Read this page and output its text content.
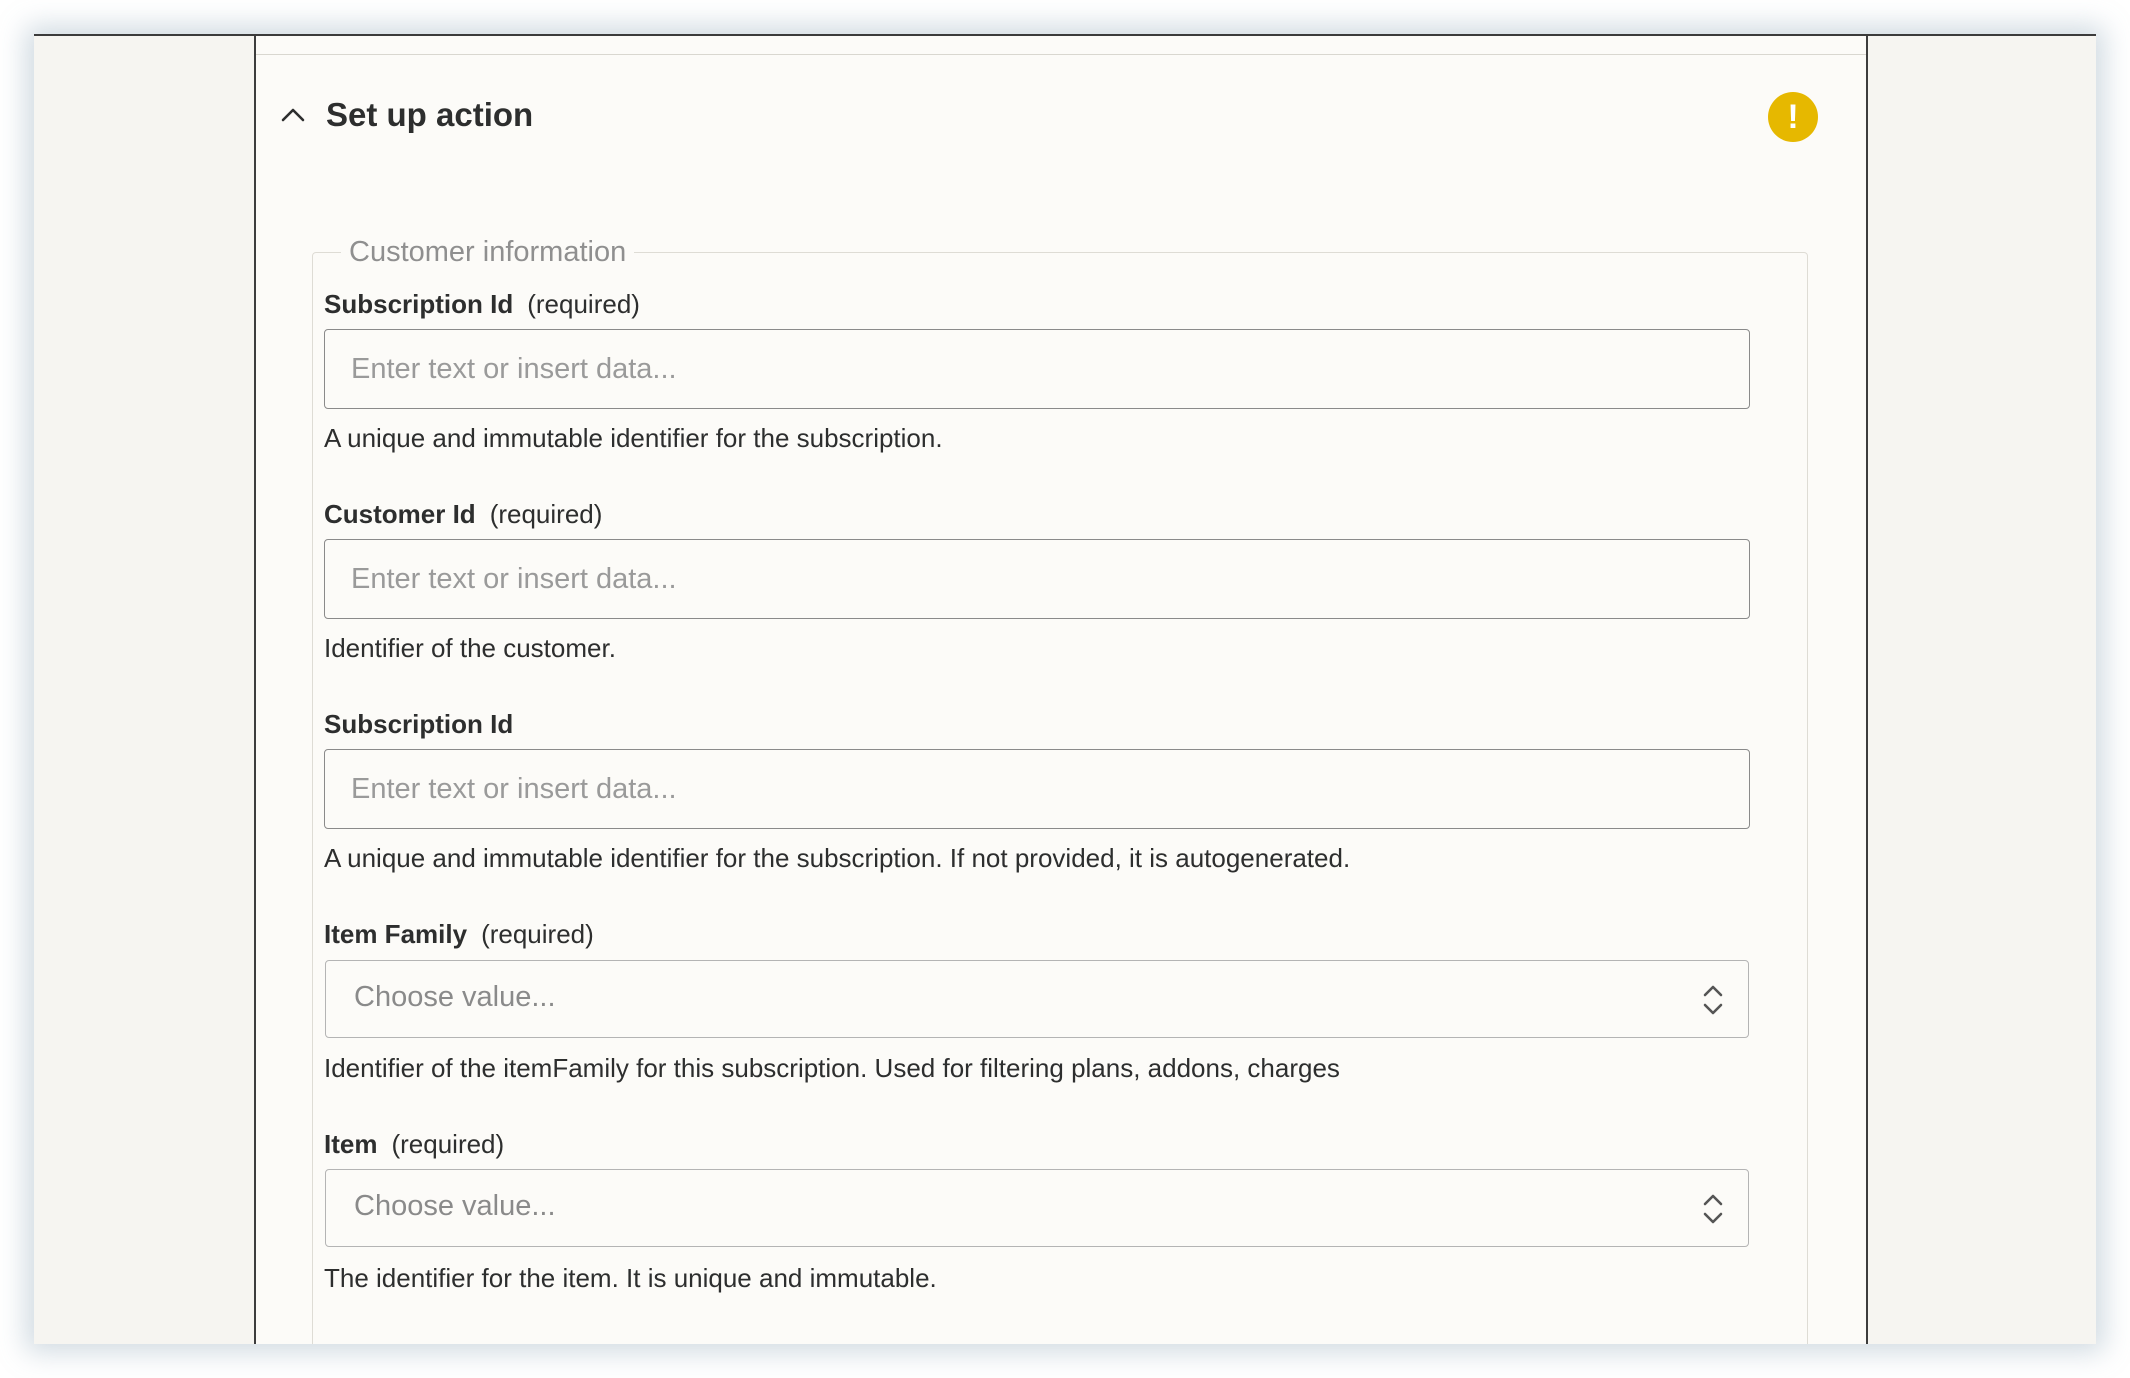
Set up action	!
Customer information
Subscription Id (required)
Enter text or insert data...
A unique and immutable identifier for the subscription.
Customer Id (required)
Enter text or insert data...
Identifier of the customer.
Subscription Id
Enter text or insert data...
A unique and immutable identifier for the subscription. If not provided, it is autogenerated.
Item Family (required)
Choose value...
Identifier of the itemFamily for this subscription. Used for filtering plans, addons, charges
Item (required)
Choose value...
The identifier for the item. It is unique and immutable.
